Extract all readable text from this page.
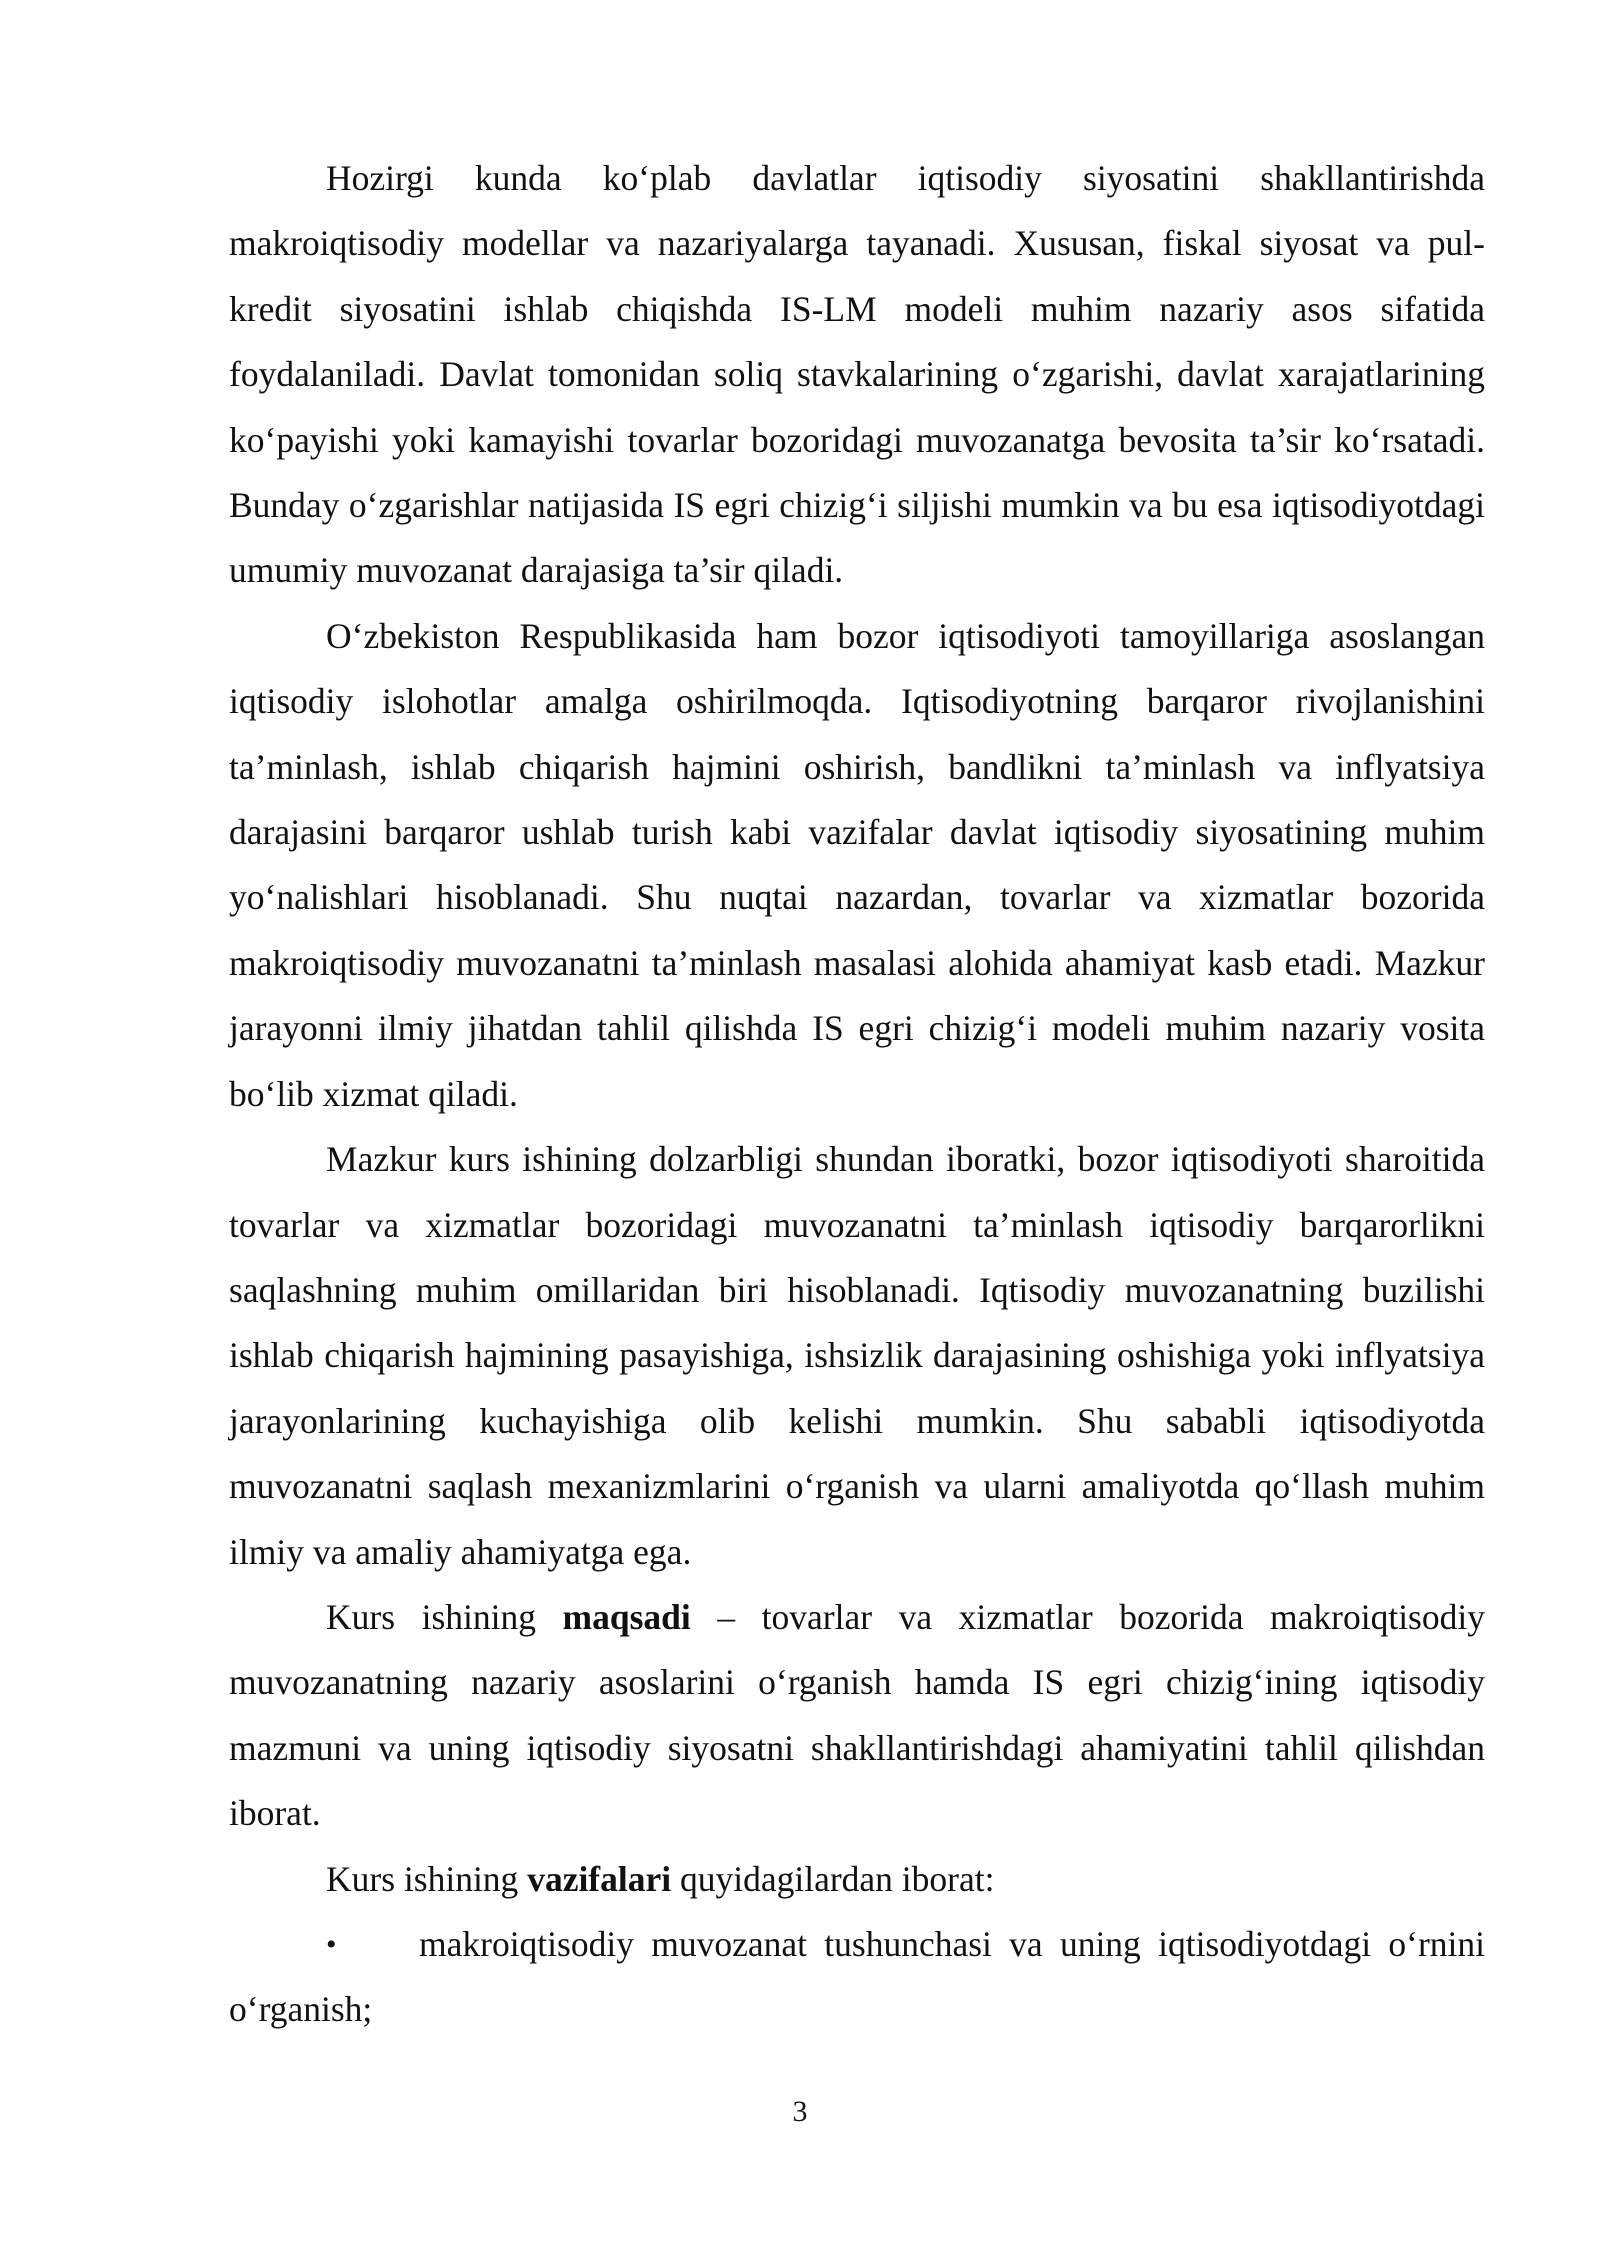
Hozirgi kunda ko‘plab davlatlar iqtisodiy siyosatini shakllantirishda makroiqtisodiy modellar va nazariyalarga tayanadi. Xususan, fiskal siyosat va pul-kredit siyosatini ishlab chiqishda IS-LM modeli muhim nazariy asos sifatida foydalaniladi. Davlat tomonidan soliq stavkalarining o‘zgarishi, davlat xarajatlarining ko‘payishi yoki kamayishi tovarlar bozoridagi muvozanatga bevosita ta’sir ko‘rsatadi. Bunday o‘zgarishlar natijasida IS egri chizig‘i siljishi mumkin va bu esa iqtisodiyotdagi umumiy muvozanat darajasiga ta’sir qiladi.

O‘zbekiston Respublikasida ham bozor iqtisodiyoti tamoyillariga asoslangan iqtisodiy islohotlar amalga oshirilmoqda. Iqtisodiyotning barqaror rivojlanishini ta’minlash, ishlab chiqarish hajmini oshirish, bandlikni ta’minlash va inflyatsiya darajasini barqaror ushlab turish kabi vazifalar davlat iqtisodiy siyosatining muhim yo‘nalishlari hisoblanadi. Shu nuqtai nazardan, tovarlar va xizmatlar bozorida makroiqtisodiy muvozanatni ta’minlash masalasi alohida ahamiyat kasb etadi. Mazkur jarayonni ilmiy jihatdan tahlil qilishda IS egri chizig‘i modeli muhim nazariy vosita bo‘lib xizmat qiladi.

Mazkur kurs ishining dolzarbligi shundan iboratki, bozor iqtisodiyoti sharoitida tovarlar va xizmatlar bozoridagi muvozanatni ta’minlash iqtisodiy barqarorlikni saqlashning muhim omillaridan biri hisoblanadi. Iqtisodiy muvozanatning buzilishi ishlab chiqarish hajmining pasayishiga, ishsizlik darajasining oshishiga yoki inflyatsiya jarayonlarining kuchayishiga olib kelishi mumkin. Shu sababli iqtisodiyotda muvozanatni saqlash mexanizmlarini o‘rganish va ularni amaliyotda qo‘llash muhim ilmiy va amaliy ahamiyatga ega.

Kurs ishining maqsadi – tovarlar va xizmatlar bozorida makroiqtisodiy muvozanatning nazariy asoslarini o‘rganish hamda IS egri chizig‘ining iqtisodiy mazmuni va uning iqtisodiy siyosatni shakllantirishdagi ahamiyatini tahlil qilishdan iborat.

Kurs ishining vazifalari quyidagilardan iborat:

• makroiqtisodiy muvozanat tushunchasi va uning iqtisodiyotdagi o‘rnini o‘rganish;

3
